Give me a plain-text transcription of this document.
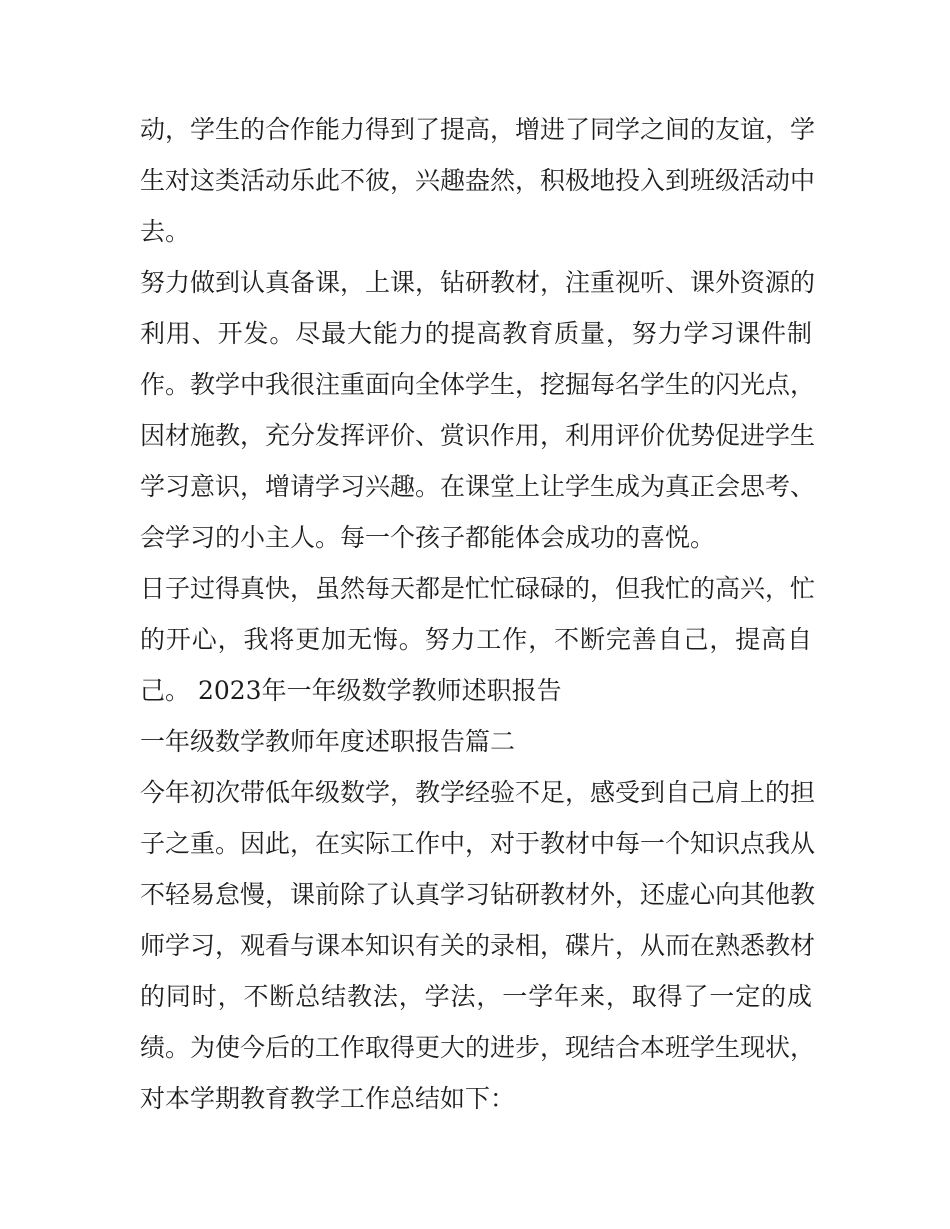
动，学生的合作能力得到了提高，增进了同学之间的友谊，学
生对这类活动乐此不彼，兴趣盎然，积极地投入到班级活动中
去。
努力做到认真备课，上课，钻研教材，注重视听、课外资源的
利用、开发。尽最大能力的提高教育质量，努力学习课件制
作。教学中我很注重面向全体学生，挖掘每名学生的闪光点，
因材施教，充分发挥评价、赏识作用，利用评价优势促进学生
学习意识，增请学习兴趣。在课堂上让学生成为真正会思考、
会学习的小主人。每一个孩子都能体会成功的喜悦。
日子过得真快，虽然每天都是忙忙碌碌的，但我忙的高兴，忙
的开心，我将更加无悔。努力工作，不断完善自己，提高自
己。 2023年一年级数学教师述职报告
一年级数学教师年度述职报告篇二
今年初次带低年级数学，教学经验不足，感受到自己肩上的担
子之重。因此，在实际工作中，对于教材中每一个知识点我从
不轻易怠慢，课前除了认真学习钻研教材外，还虚心向其他教
师学习，观看与课本知识有关的录相，碟片，从而在熟悉教材
的同时，不断总结教法，学法，一学年来，取得了一定的成
绩。为使今后的工作取得更大的进步，现结合本班学生现状，
对本学期教育教学工作总结如下：
